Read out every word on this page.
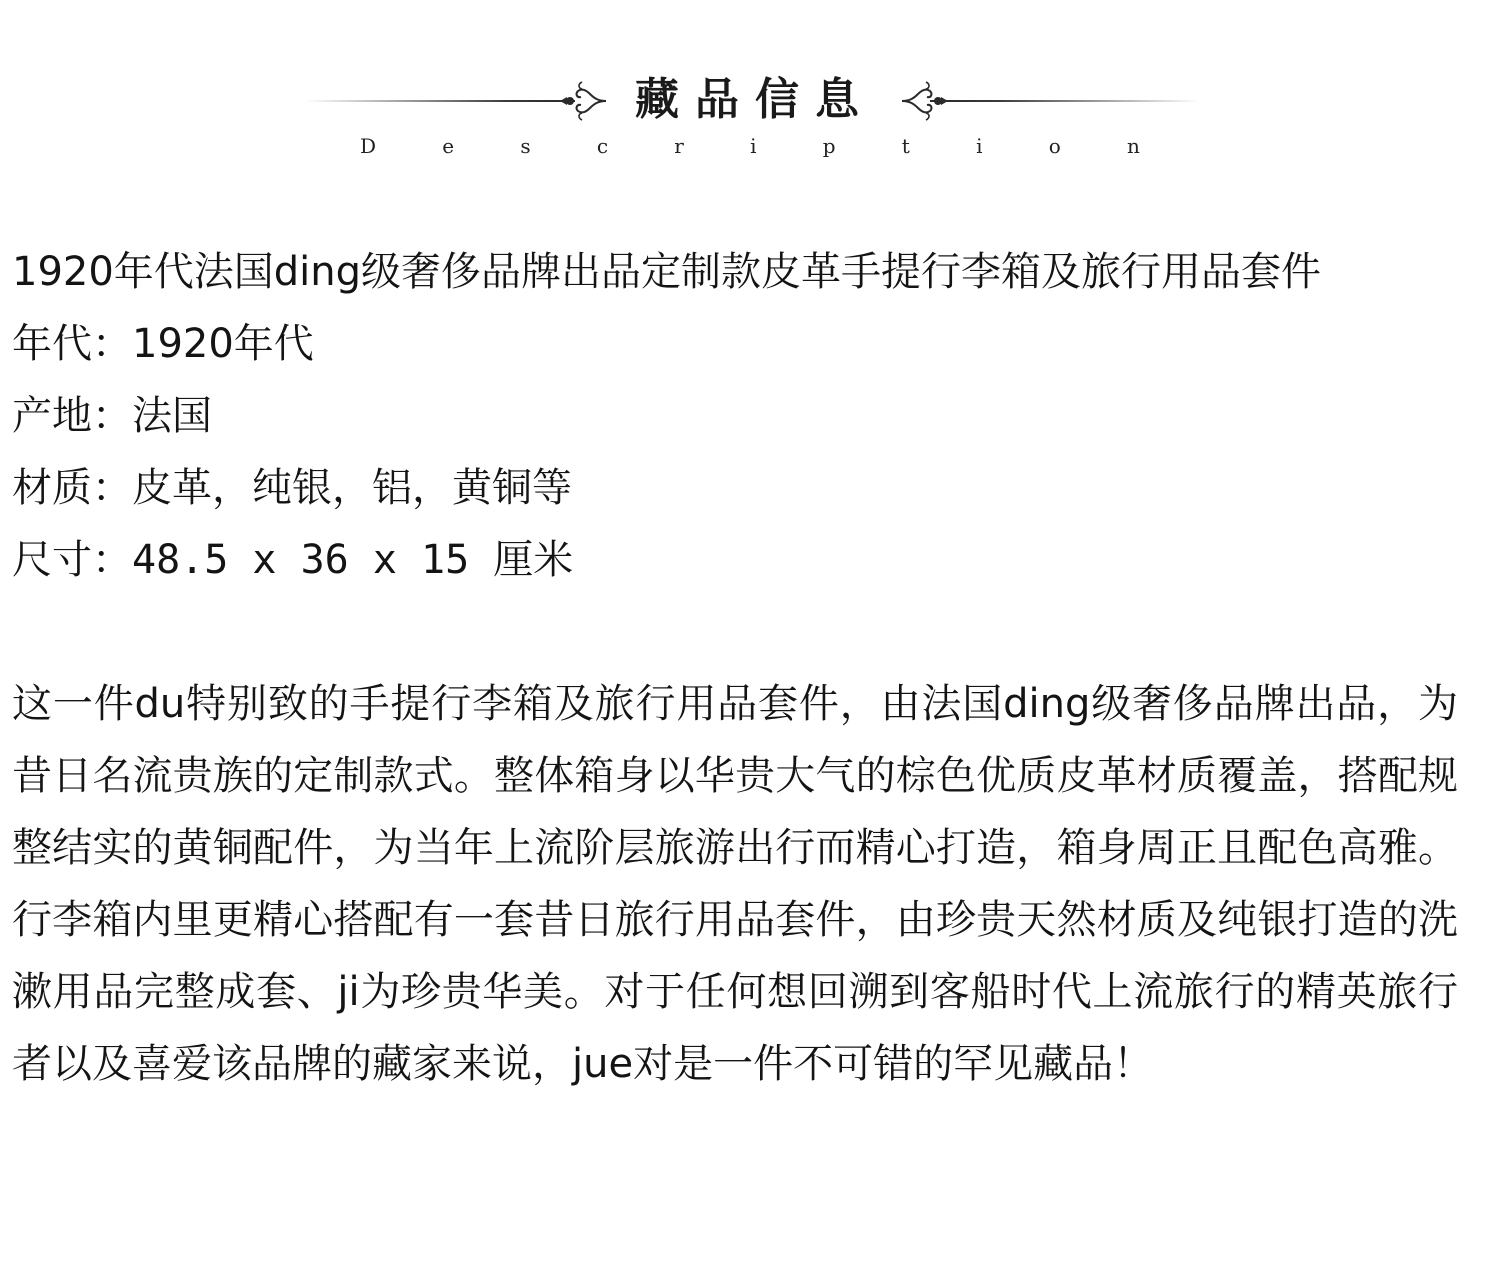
藏品信息
D	e	s	c	r	i	p	t	i	o	n
1920年代法国ding级奢侈品牌出品定制款皮革手提行李箱及旅行用品套件
年代：1920年代
产地：法国
材质：皮革，纯银，铝，黄铜等
尺寸：48.5 x 36 x 15 厘米
这一件du特别致的手提行李箱及旅行用品套件，由法国ding级奢侈品牌出品，为昔日名流贵族的定制款式。整体箱身以华贵大气的棕色优质皮革材质覆盖，搭配规整结实的黄铜配件，为当年上流阶层旅游出行而精心打造，箱身周正且配色高雅。行李箱内里更精心搭配有一套昔日旅行用品套件，由珍贵天然材质及纯银打造的洗漱用品完整成套、ji为珍贵华美。对于任何想回溯到客船时代上流旅行的精英旅行者以及喜爱该品牌的藏家来说，jue对是一件不可错的罕见藏品！
